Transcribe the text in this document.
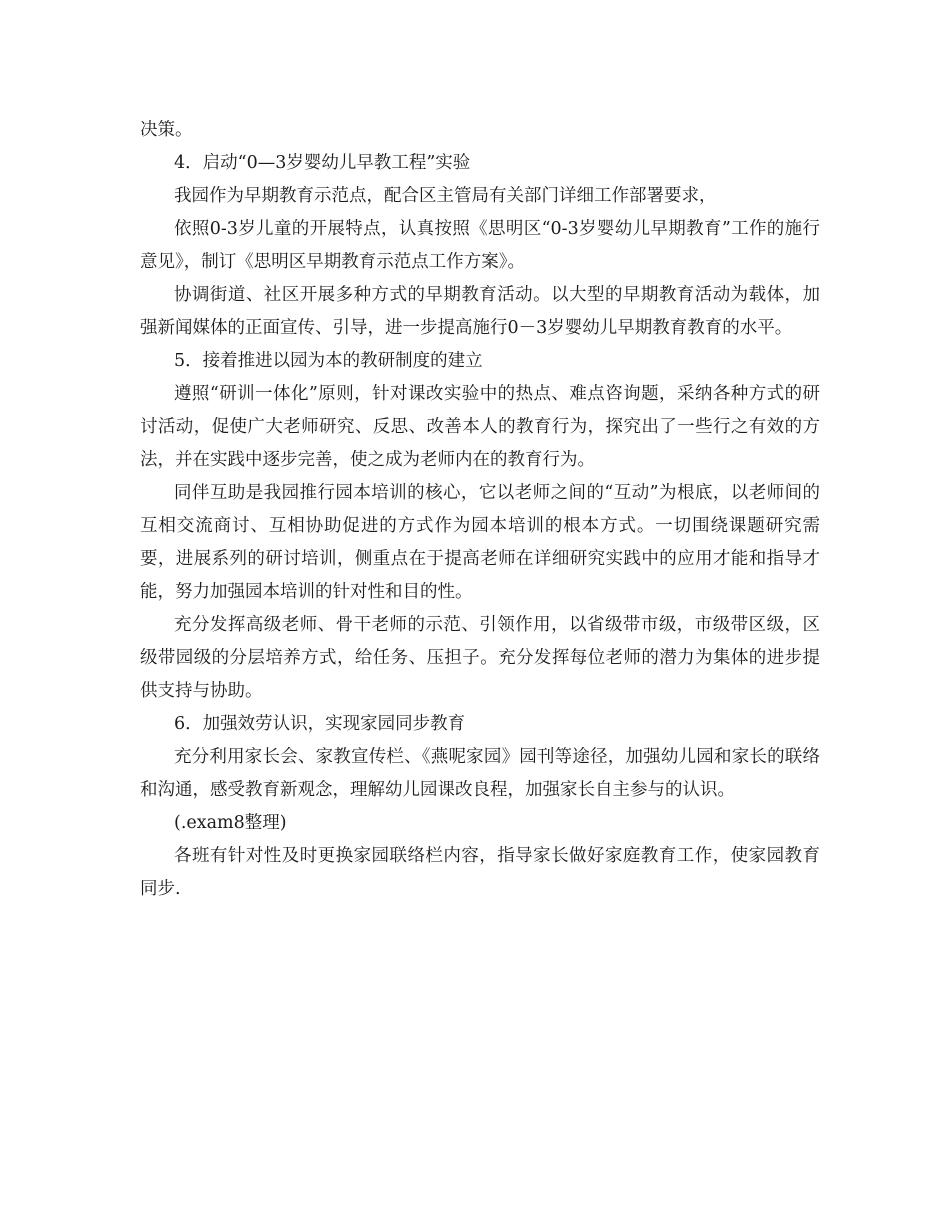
决策。

4．启动“0—3岁婴幼儿早教工程”实验

我园作为早期教育示范点，配合区主管局有关部门详细工作部署要求，

依照0-3岁儿童的开展特点，认真按照《思明区“0-3岁婴幼儿早期教育”工作的施行意见》，制订《思明区早期教育示范点工作方案》。

协调街道、社区开展多种方式的早期教育活动。以大型的早期教育活动为载体，加强新闻媒体的正面宣传、引导，进一步提高施行0－3岁婴幼儿早期教育教育的水平。

5．接着推进以园为本的教研制度的建立

遵照“研训一体化”原则，针对课改实验中的热点、难点咨询题，采纳各种方式的研讨活动，促使广大老师研究、反思、改善本人的教育行为，探究出了一些行之有效的方法，并在实践中逐步完善，使之成为老师内在的教育行为。

同伴互助是我园推行园本培训的核心，它以老师之间的“互动”为根底，以老师间的互相交流商讨、互相协助促进的方式作为园本培训的根本方式。一切围绕课题研究需要，进展系列的研讨培训，侧重点在于提高老师在详细研究实践中的应用才能和指导才能，努力加强园本培训的针对性和目的性。

充分发挥高级老师、骨干老师的示范、引领作用，以省级带市级，市级带区级，区级带园级的分层培养方式，给任务、压担子。充分发挥每位老师的潜力为集体的进步提供支持与协助。

6．加强效劳认识，实现家园同步教育

充分利用家长会、家教宣传栏、《燕呢家园》园刊等途径，加强幼儿园和家长的联络和沟通，感受教育新观念，理解幼儿园课改良程，加强家长自主参与的认识。

(.exam8整理)

各班有针对性及时更换家园联络栏内容，指导家长做好家庭教育工作，使家园教育同步.
